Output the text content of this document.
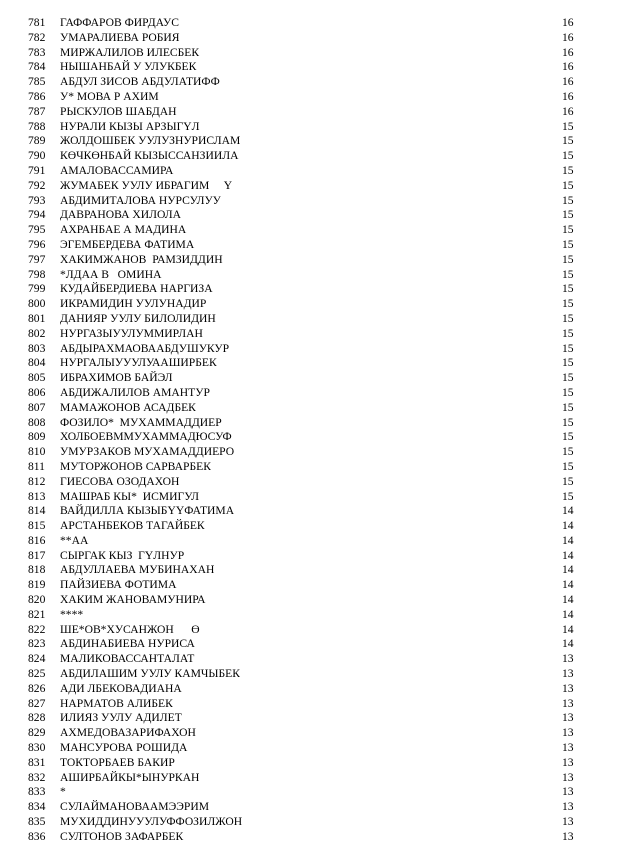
781	ГАФФАРОВ ФИРДАУС	16
782	УМАРАЛИЕВА РОБИЯ	16
783	МИРЖАЛИЛОВ ИЛЕСБЕК	16
784	НЫШАНБАЙ У УЛУКБЕК	16
785	АБДУЛ ЗИСОВ АБДУЛАТИФФ	16
786	У* МОВА Р АХИМ	16
787	РЫСКУЛОВ ШАБДАН	16
788	НУРАЛИ КЫЗЫ АРЗЫГҮЛ	15
789	ЖОЛДОШБЕК УУЛУЗНУРИСЛАМ	15
790	КӨЧКӨНБАЙ КЫЗЫССАНЗИИЛА	15
791	АМАЛОВАССАМИРА	15
792	ЖУМАБЕК УУЛУ ИБРАГИМ     Ү	15
793	АБДИМИТАЛОВА НУРСУЛУУ	15
794	ДАВРАНОВА ХИЛОЛА	15
795	АХРАНБАЕ А МАДИНА	15
796	ЭГЕМБЕРДЕВА ФАТИМА	15
797	ХАКИМЖАНОВ  РАМЗИДДИН	15
798	*ЛДАА В   ОМИНА	15
799	КУДАЙБЕРДИЕВА НАРГИЗА	15
800	ИКРАМИДИН УУЛУНАДИР	15
801	ДАНИЯР УУЛУ БИЛОЛИДИН	15
802	НУРГАЗЫУУЛУММИРЛАН	15
803	АБДЫРАХМАОВААБДУШУКУР	15
804	НУРГАЛЫУУУЛУААШИРБЕК	15
805	ИБРАХИМОВ БАЙЭЛ	15
806	АБДИЖАЛИЛОВ АМАНТУР	15
807	МАМАЖОНОВ АСАДБЕК	15
808	ФОЗИЛО*  МУХАММАДДИЕР	15
809	ХОЛБОЕВММУХАММАДЮСУФ	15
810	УМУРЗАКОВ МУХАМАДДИЕРО	15
811	МУТОРЖОНОВ САРВАРБЕК	15
812	ГИЕСОВА ОЗОДАХОН	15
813	МАШРАБ КЫ*  ИСМИГУЛ	15
814	ВАЙДИЛЛА КЫЗЫБҮҮФАТИМА	14
815	АРСТАНБЕКОВ ТАГАЙБЕК	14
816	**АА	14
817	СЫРГАК КЫЗ  ГҮЛНУР	14
818	АБДУЛЛАЕВА МУБИНАХАН	14
819	ПАЙЗИЕВА ФОТИМА	14
820	ХАКИМ ЖАНОВАМУНИРА	14
821	****	14
822	ШЕ*ОВ*ХУСАНЖОН      Ө	14
823	АБДИНАБИЕВА НУРИСА	14
824	МАЛИКОВАССАНТАЛАТ	13
825	АБДИЛАШИМ УУЛУ КАМЧЫБЕК	13
826	АДИ ЛБЕКОВАДИАНА	13
827	НАРМАТОВ АЛИБЕК	13
828	ИЛИЯЗ УУЛУ АДИЛЕТ	13
829	АХМЕДОВАЗАРИФАХОН	13
830	МАНСУРОВА РОШИДА	13
831	ТОКТОРБАЕВ БАКИР	13
832	АШИРБАЙКЫ*ЫНУРКАН	13
833	*	13
834	СУЛАЙМАНОВААМЭЭРИМ	13
835	МУХИДДИНУУУЛУФФОЗИЛЖОН	13
836	СУЛТОНОВ ЗАФАРБЕК	13
